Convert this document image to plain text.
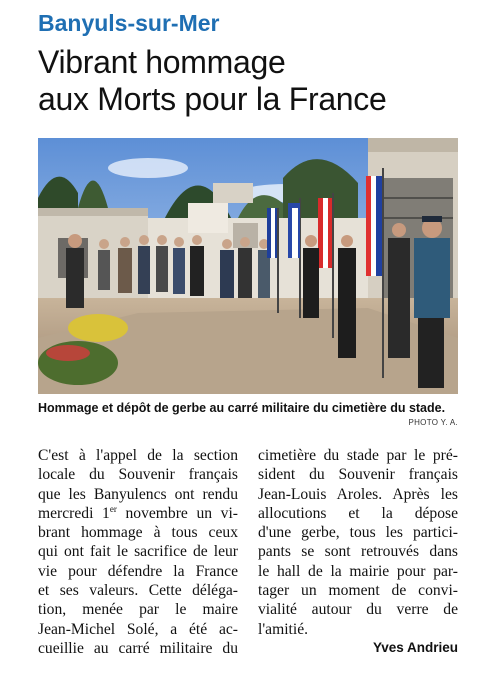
Banyuls-sur-Mer
Vibrant hommage
aux Morts pour la France
Hommage et dépôt de gerbe au carré militaire du cimetière du stade.
PHOTO Y. A.
C'est à l'appel de la section
locale du Souvenir français
que les Banyulencs ont rendu
mercredi 1er novembre un vi-
brant hommage à tous ceux
qui ont fait le sacrifice de leur
vie pour défendre la France
et ses valeurs. Cette déléga-
tion, menée par le maire
Jean-Michel Solé, a été ac-
cueillie au carré militaire du
cimetière du stade par le pré-
sident du Souvenir français
Jean-Louis Aroles. Après les
allocutions et la dépose
d'une gerbe, tous les partici-
pants se sont retrouvés dans
le hall de la mairie pour par-
tager un moment de convi-
vialité autour du verre de
l'amitié.
Yves Andrieu
